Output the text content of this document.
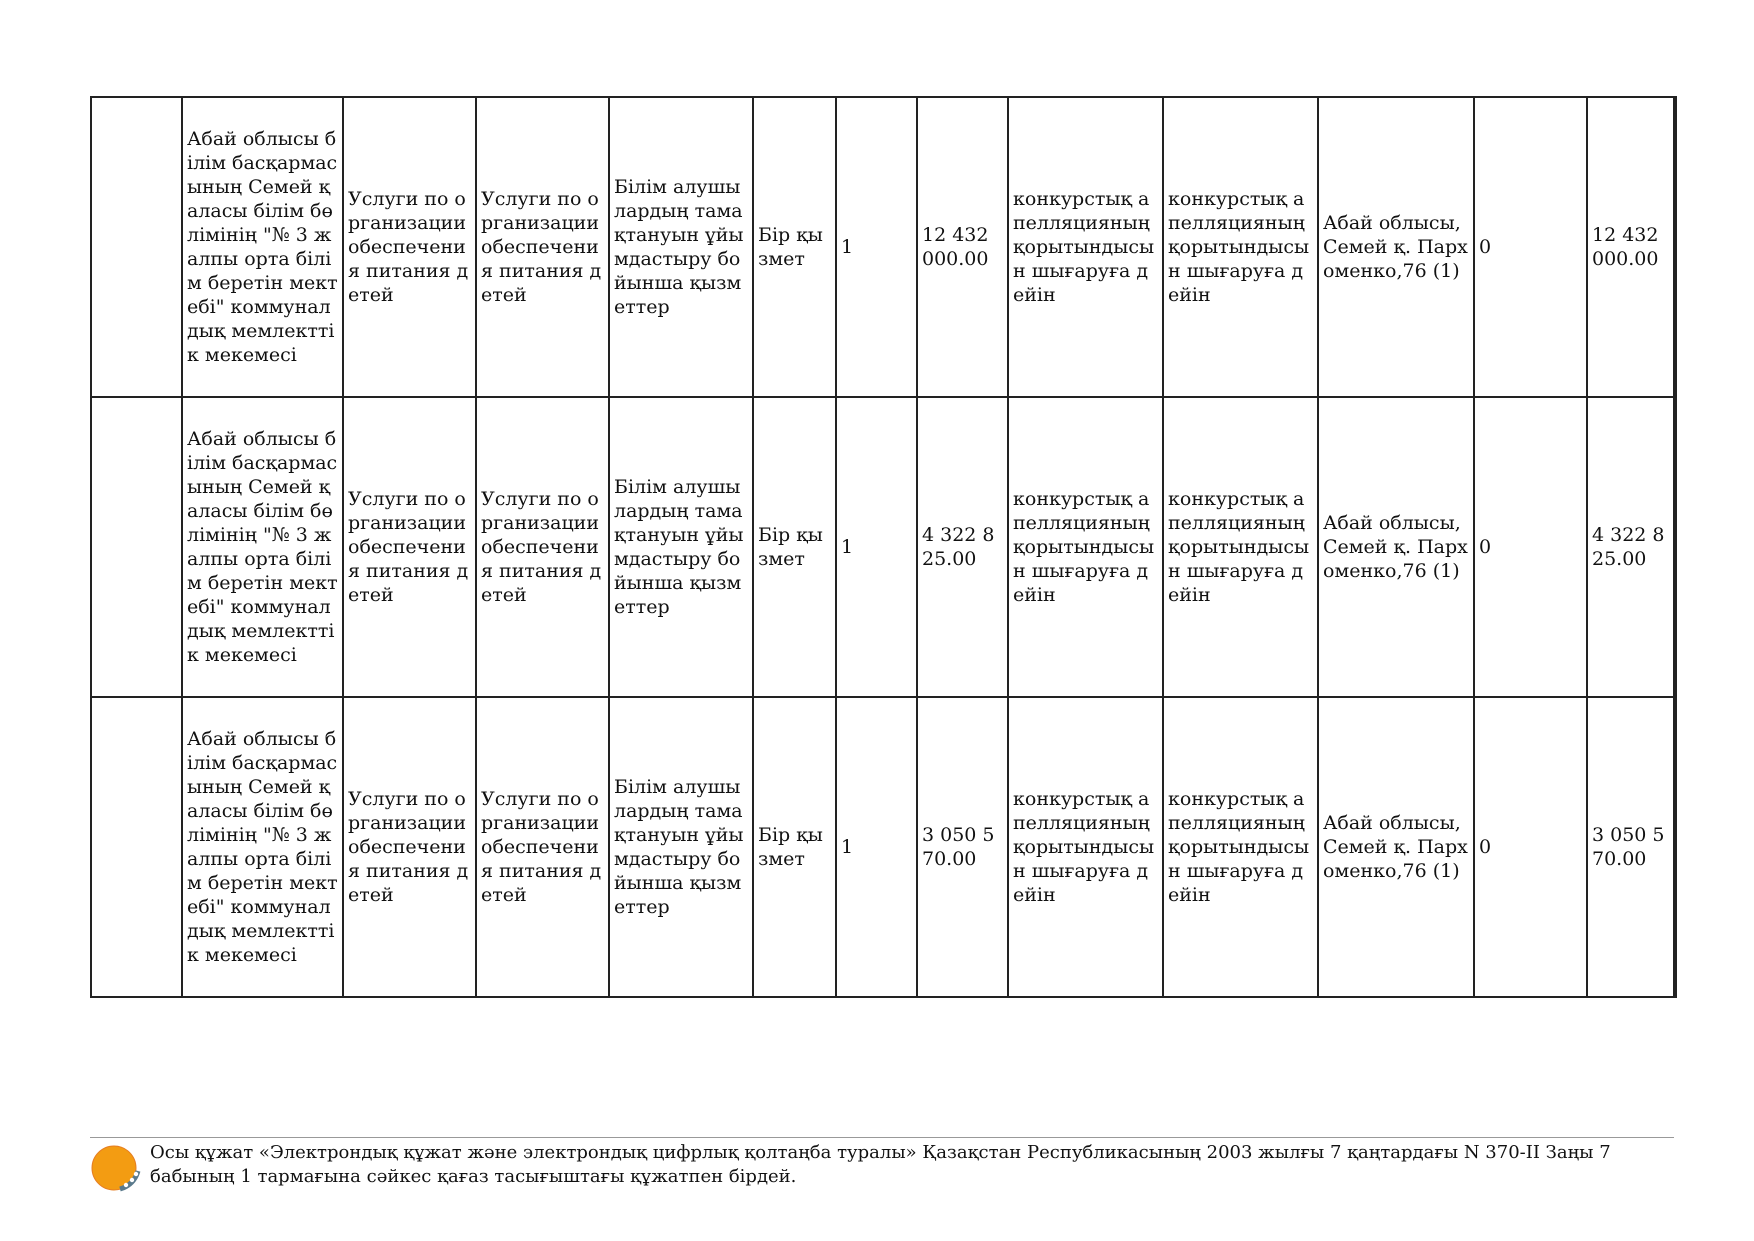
	Абай облысы білім басқармасының Семей қаласы білім бөлімінің "№ 3 жалпы орта білім беретін мектебі" коммуналдық мемлекттік мекемесі	Услуги по организации обеспечения питания детей	Услуги по организации обеспечения питания детей	Білім алушылардың тамақтануын ұйымдастыру бойынша қызметтер	Бір қызмет	1	12 432 000.00	конкурстық апелляцияның қорытындысын шығаруға дейін	конкурстық апелляцияның қорытындысын шығаруға дейін	Абай облысы, Семей қ. Пархоменко,76 (1)	0	12 432 000.00
	Абай облысы білім басқармасының Семей қаласы білім бөлімінің "№ 3 жалпы орта білім беретін мектебі" коммуналдық мемлекттік мекемесі	Услуги по организации обеспечения питания детей	Услуги по организации обеспечения питания детей	Білім алушылардың тамақтануын ұйымдастыру бойынша қызметтер	Бір қызмет	1	4 322 825.00	конкурстық апелляцияның қорытындысын шығаруға дейін	конкурстық апелляцияның қорытындысын шығаруға дейін	Абай облысы, Семей қ. Пархоменко,76 (1)	0	4 322 825.00
	Абай облысы білім басқармасының Семей қаласы білім бөлімінің "№ 3 жалпы орта білім беретін мектебі" коммуналдық мемлекттік мекемесі	Услуги по организации обеспечения питания детей	Услуги по организации обеспечения питания детей	Білім алушылардың тамақтануын ұйымдастыру бойынша қызметтер	Бір қызмет	1	3 050 570.00	конкурстық апелляцияның қорытындысын шығаруға дейін	конкурстық апелляцияның қорытындысын шығаруға дейін	Абай облысы, Семей қ. Пархоменко,76 (1)	0	3 050 570.00
Осы құжат «Электрондық құжат және электрондық цифрлық қолтаңба туралы» Қазақстан Республикасының 2003 жылғы 7 қаңтардағы N 370-II Заңы 7 бабының 1 тармағына сәйкес қағаз тасығыштағы құжатпен бірдей.
